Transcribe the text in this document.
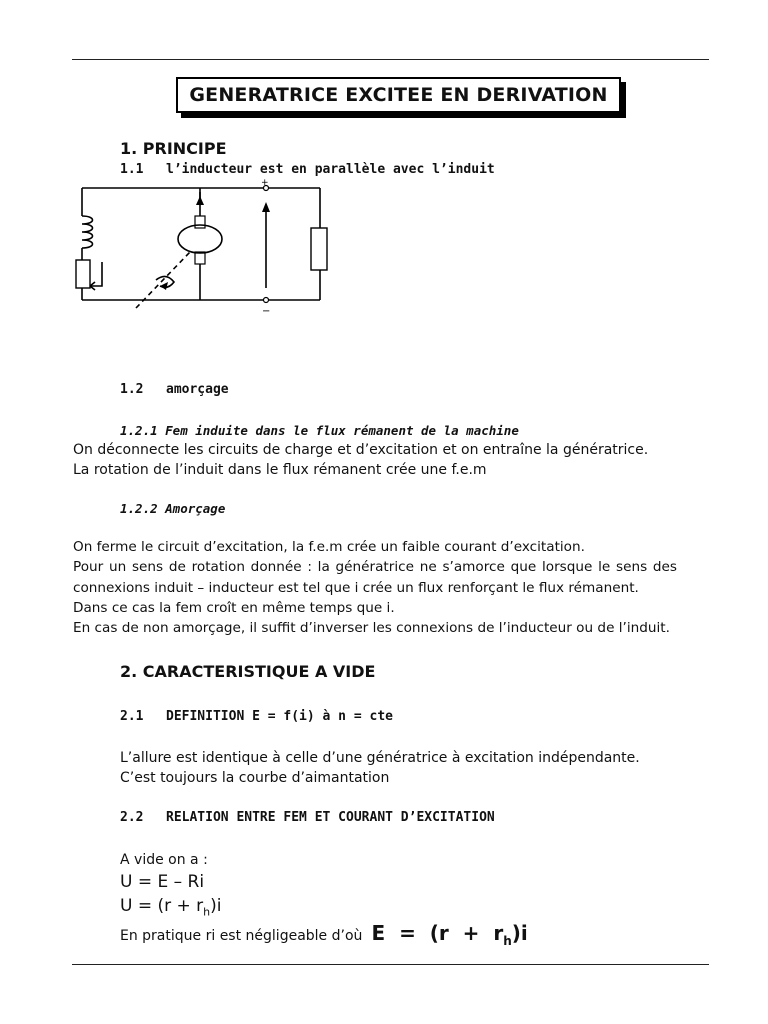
GENERATRICE EXCITEE EN DERIVATION
1. PRINCIPE
1.1 l’inducteur est en parallèle avec l’induit
+
−
1.2 amorçage
1.2.1 Fem induite dans le flux rémanent de la machine
On déconnecte les circuits de charge et d’excitation et on entraîne la génératrice.
La rotation de l’induit dans le flux rémanent crée une f.e.m
1.2.2 Amorçage
On ferme le circuit d’excitation, la f.e.m crée un faible courant d’excitation.
Pour un sens de rotation donnée : la génératrice ne s’amorce que lorsque le sens des connexions induit – inducteur est tel que i crée un flux renforçant le flux rémanent.
Dans ce cas la fem croît en même temps que i.
En cas de non amorçage, il suffit d’inverser les connexions de l’inducteur ou de l’induit.
2. CARACTERISTIQUE A VIDE
2.1 DEFINITION E = f(i) à n = cte
L’allure est identique à celle d’une génératrice à excitation indépendante.
C’est toujours la courbe d’aimantation
2.2 RELATION ENTRE FEM ET COURANT D’EXCITATION
A vide on a :
U = E – Ri
$U = (r + r_h)i$
En pratique ri est négligeable d’où $E = (r + r_h)i$
